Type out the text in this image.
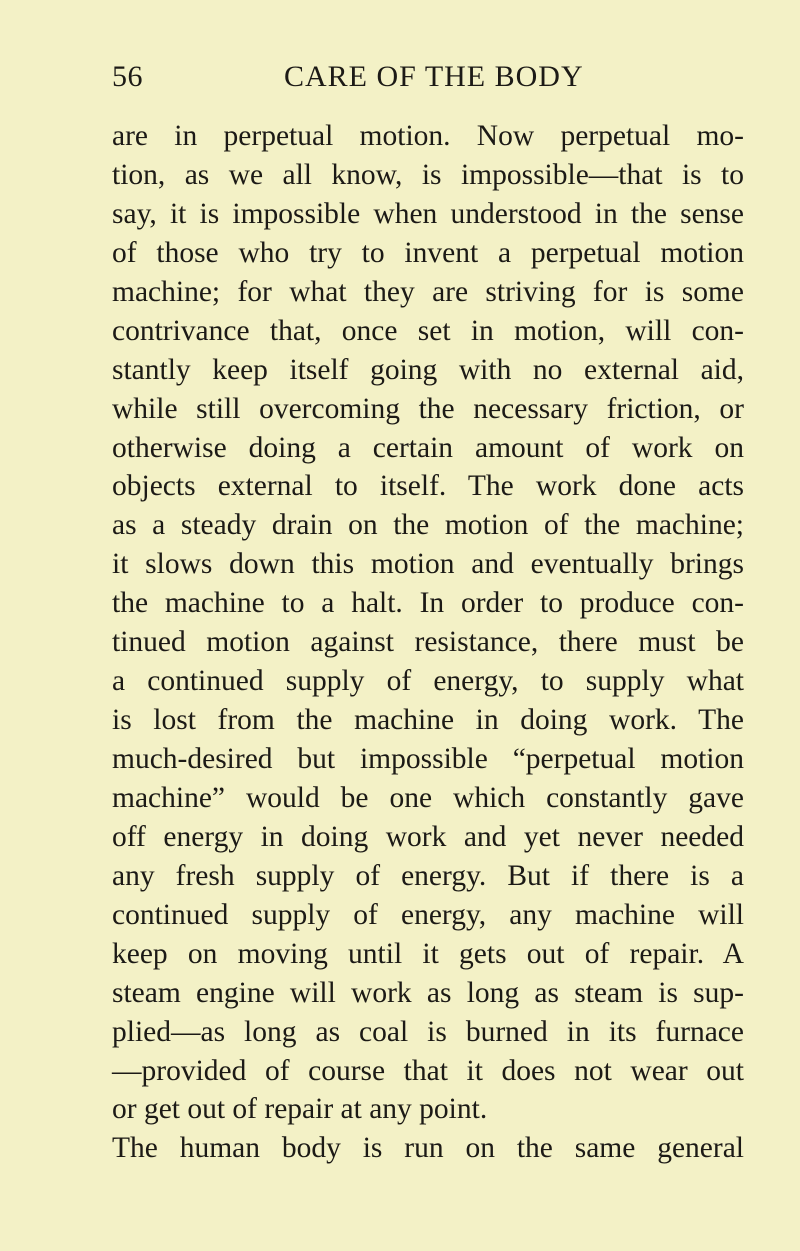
56	CARE OF THE BODY
are in perpetual motion. Now perpetual mo-
tion, as we all know, is impossible—that is to
say, it is impossible when understood in the sense
of those who try to invent a perpetual motion
machine; for what they are striving for is some
contrivance that, once set in motion, will con-
stantly keep itself going with no external aid,
while still overcoming the necessary friction, or
otherwise doing a certain amount of work on
objects external to itself. The work done acts
as a steady drain on the motion of the machine;
it slows down this motion and eventually brings
the machine to a halt. In order to produce con-
tinued motion against resistance, there must be
a continued supply of energy, to supply what
is lost from the machine in doing work. The
much-desired but impossible “perpetual motion
machine” would be one which constantly gave
off energy in doing work and yet never needed
any fresh supply of energy. But if there is a
continued supply of energy, any machine will
keep on moving until it gets out of repair. A
steam engine will work as long as steam is sup-
plied—as long as coal is burned in its furnace
—provided of course that it does not wear out
or get out of repair at any point.
The human body is run on the same general
